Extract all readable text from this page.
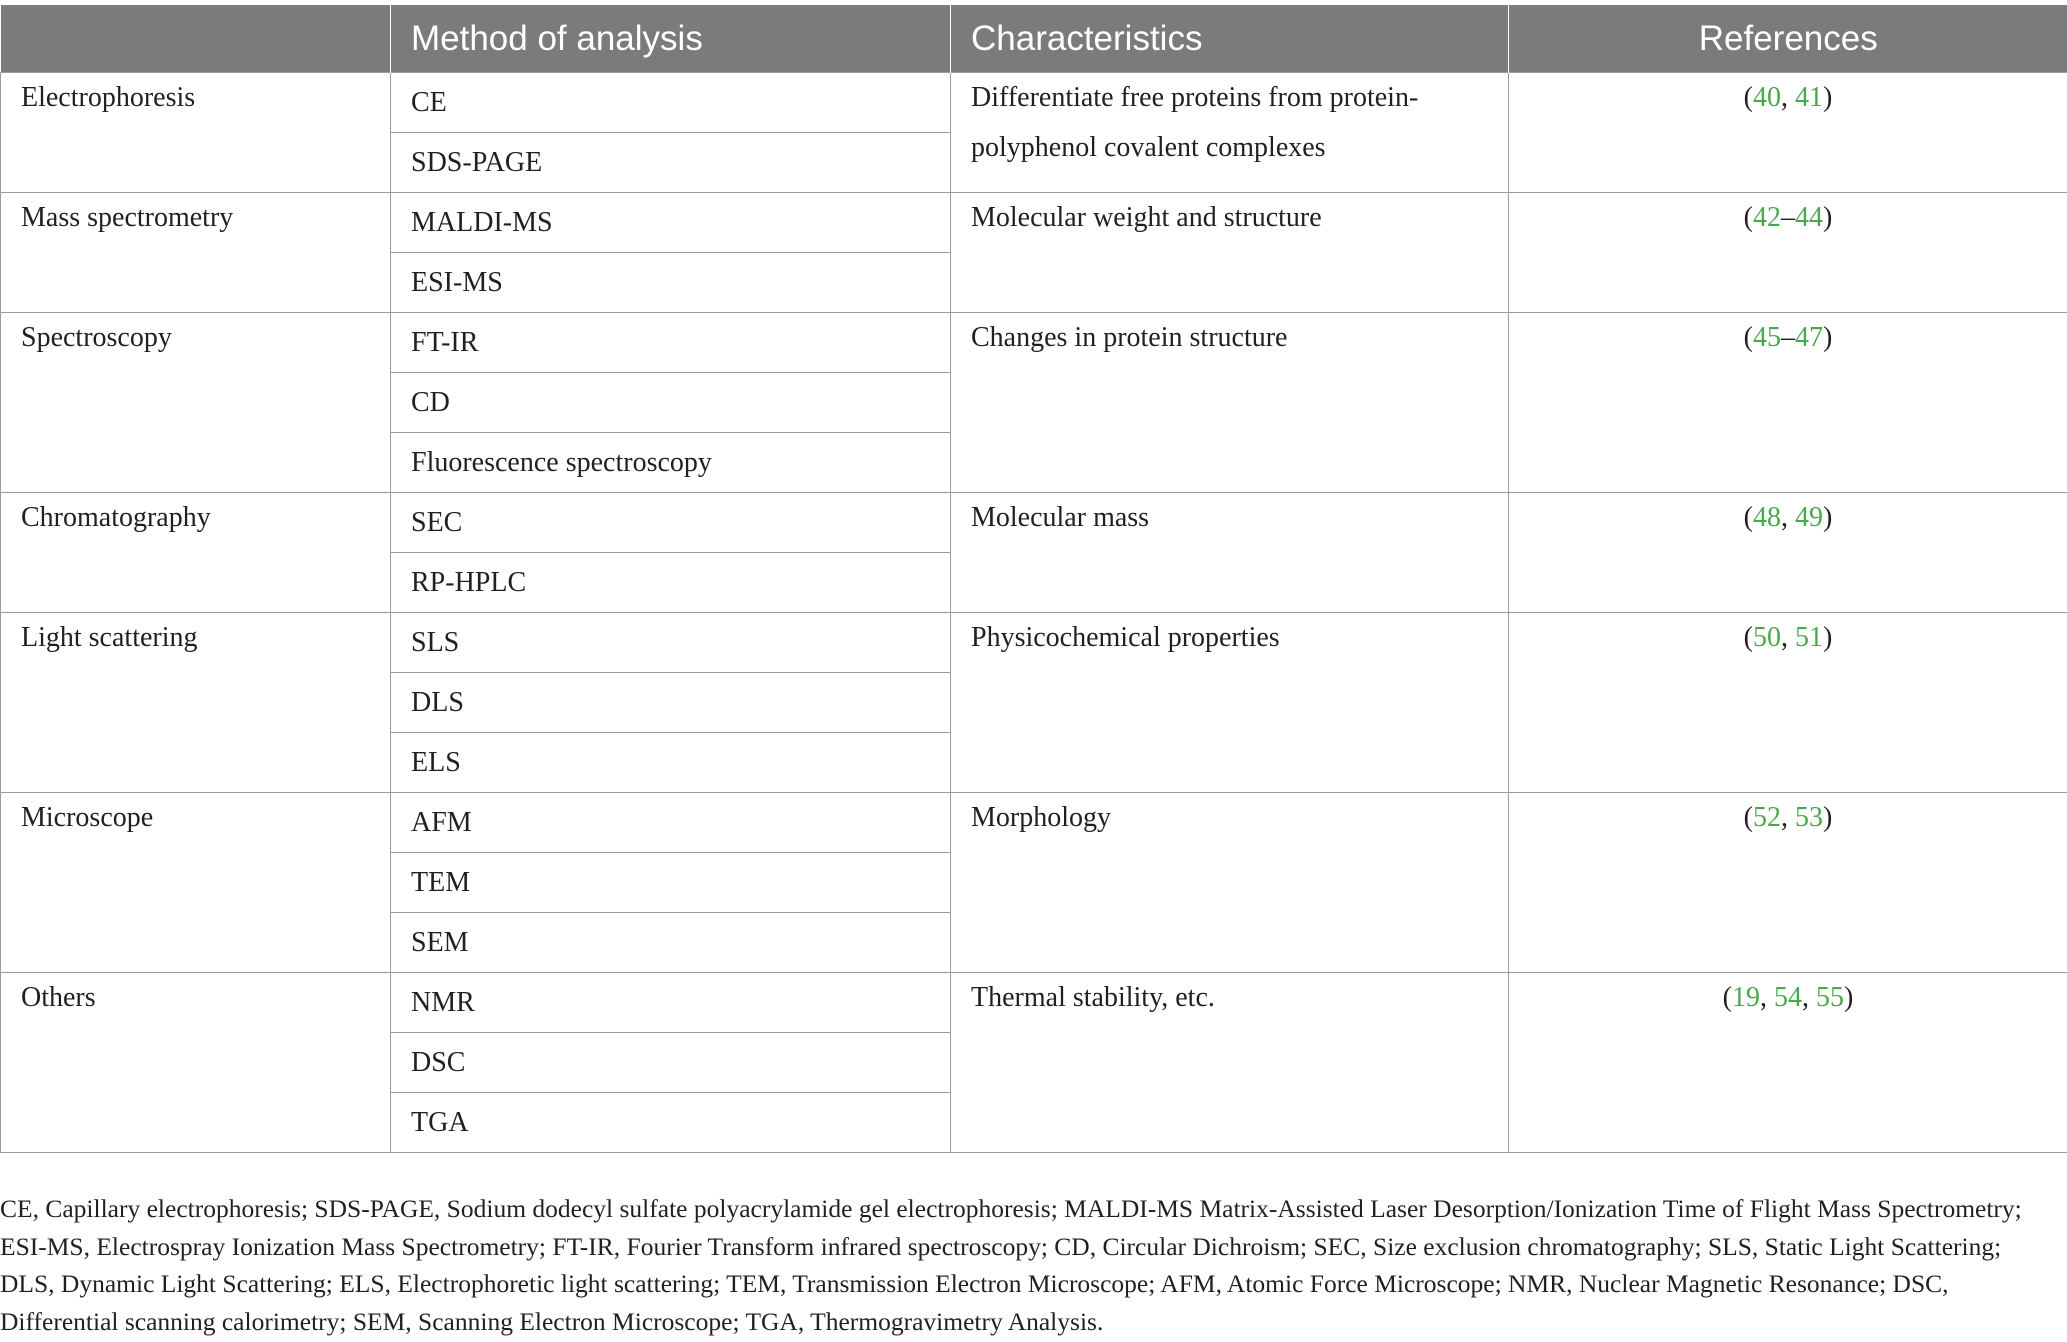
	Method of analysis	Characteristics	References
Electrophoresis	CE	Differentiate free proteins from protein-polyphenol covalent complexes	(40, 41)
	SDS-PAGE		
Mass spectrometry	MALDI-MS	Molecular weight and structure	(42–44)
	ESI-MS		
Spectroscopy	FT-IR	Changes in protein structure	(45–47)
	CD		
	Fluorescence spectroscopy		
Chromatography	SEC	Molecular mass	(48, 49)
	RP-HPLC		
Light scattering	SLS	Physicochemical properties	(50, 51)
	DLS		
	ELS		
Microscope	AFM	Morphology	(52, 53)
	TEM		
	SEM		
Others	NMR	Thermal stability, etc.	(19, 54, 55)
	DSC		
	TGA		
CE, Capillary electrophoresis; SDS-PAGE, Sodium dodecyl sulfate polyacrylamide gel electrophoresis; MALDI-MS Matrix-Assisted Laser Desorption/Ionization Time of Flight Mass Spectrometry; ESI-MS, Electrospray Ionization Mass Spectrometry; FT-IR, Fourier Transform infrared spectroscopy; CD, Circular Dichroism; SEC, Size exclusion chromatography; SLS, Static Light Scattering; DLS, Dynamic Light Scattering; ELS, Electrophoretic light scattering; TEM, Transmission Electron Microscope; AFM, Atomic Force Microscope; NMR, Nuclear Magnetic Resonance; DSC, Differential scanning calorimetry; SEM, Scanning Electron Microscope; TGA, Thermogravimetry Analysis.
